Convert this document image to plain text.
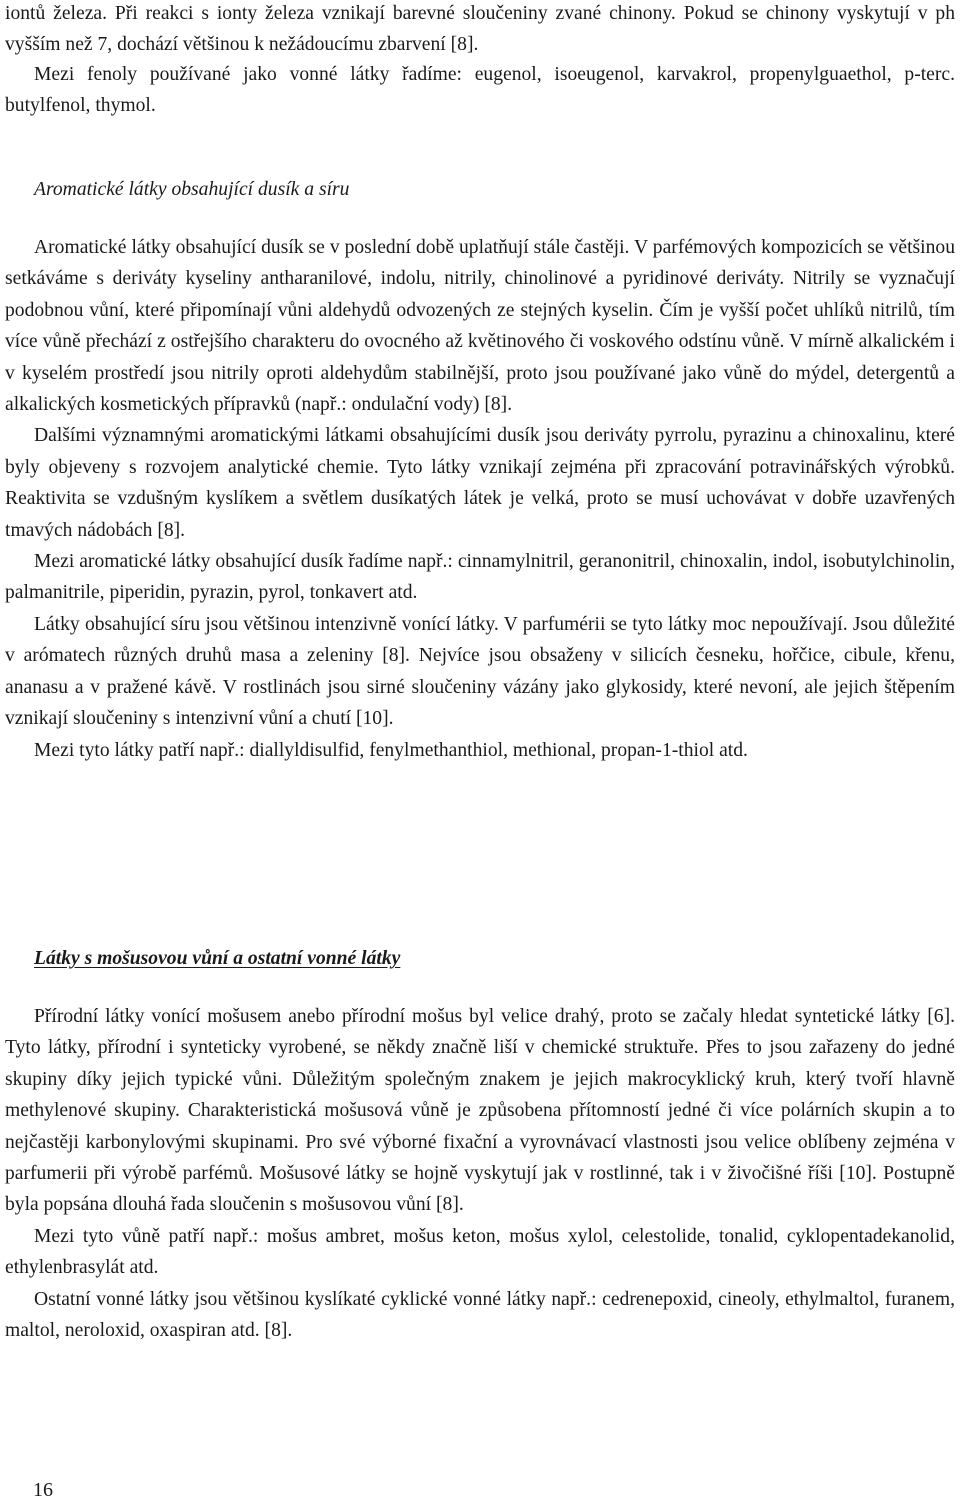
iontů železa. Při reakci s ionty železa vznikají barevné sloučeniny zvané chinony. Pokud se chinony vyskytují v ph vyšším než 7, dochází většinou k nežádoucímu zbarvení [8].

Mezi fenoly používané jako vonné látky řadíme: eugenol, isoeugenol, karvakrol, propenylguaethol, p-terc. butylfenol, thymol.

Aromatické látky obsahující dusík a síru

Aromatické látky obsahující dusík se v poslední době uplatňují stále častěji. V parfémových kompozicích se většinou setkáváme s deriváty kyseliny antharanilové, indolu, nitrily, chinolinové a pyridinové deriváty. Nitrily se vyznačují podobnou vůní, které připomínají vůni aldehydů odvozených ze stejných kyselin. Čím je vyšší počet uhlíků nitrilů, tím více vůně přechází z ostřejšího charakteru do ovocného až květinového či voskového odstínu vůně. V mírně alkalickém i v kyselém prostředí jsou nitrily oproti aldehydům stabilnější, proto jsou používané jako vůně do mýdel, detergentů a alkalických kosmetických přípravků (např.: ondulační vody) [8].

Dalšími významnými aromatickými látkami obsahujícími dusík jsou deriváty pyrrolu, pyrazinu a chinoxalinu, které byly objeveny s rozvojem analytické chemie. Tyto látky vznikají zejména při zpracování potravinářských výrobků. Reaktivita se vzdušným kyslíkem a světlem dusíkatých látek je velká, proto se musí uchovávat v dobře uzavřených tmavých nádobách [8].

Mezi aromatické látky obsahující dusík řadíme např.: cinnamylnitril, geranonitril, chinoxalin, indol, isobutylchinolin, palmanitrile, piperidin, pyrazin, pyrol, tonkavert atd.

Látky obsahující síru jsou většinou intenzivně vonící látky. V parfumérii se tyto látky moc nepoužívají. Jsou důležité v arómatech různých druhů masa a zeleniny [8]. Nejvíce jsou obsaženy v silicích česneku, hořčice, cibule, křenu, ananasu a v pražené kávě. V rostlinách jsou sirné sloučeniny vázány jako glykosidy, které nevoní, ale jejich štěpením vznikají sloučeniny s intenzivní vůní a chutí [10].

Mezi tyto látky patří např.: diallyldisulfid, fenylmethanthiol, methional, propan-1-thiol atd.

Látky s mošusovou vůní a ostatní vonné látky

Přírodní látky vonící mošusem anebo přírodní mošus byl velice drahý, proto se začaly hledat syntetické látky [6]. Tyto látky, přírodní i synteticky vyrobené, se někdy značně liší v chemické struktuře. Přes to jsou zařazeny do jedné skupiny díky jejich typické vůni. Důležitým společným znakem je jejich makrocyklický kruh, který tvoří hlavně methylenové skupiny. Charakteristická mošusová vůně je způsobena přítomností jedné či více polárních skupin a to nejčastěji karbonylovými skupinami. Pro své výborné fixační a vyrovnávací vlastnosti jsou velice oblíbeny zejména v parfumerii při výrobě parfémů. Mošusové látky se hojně vyskytují jak v rostlinné, tak i v živočišné říši [10]. Postupně byla popsána dlouhá řada sloučenin s mošusovou vůní [8].

Mezi tyto vůně patří např.: mošus ambret, mošus keton, mošus xylol, celestolide, tonalid, cyklopentadekanolid, ethylenbrasylát atd.

Ostatní vonné látky jsou většinou kyslíkaté cyklické vonné látky např.: cedrenepoxid, cineoly, ethylmaltol, furanem, maltol, neroloxid, oxaspiran atd. [8].

16
